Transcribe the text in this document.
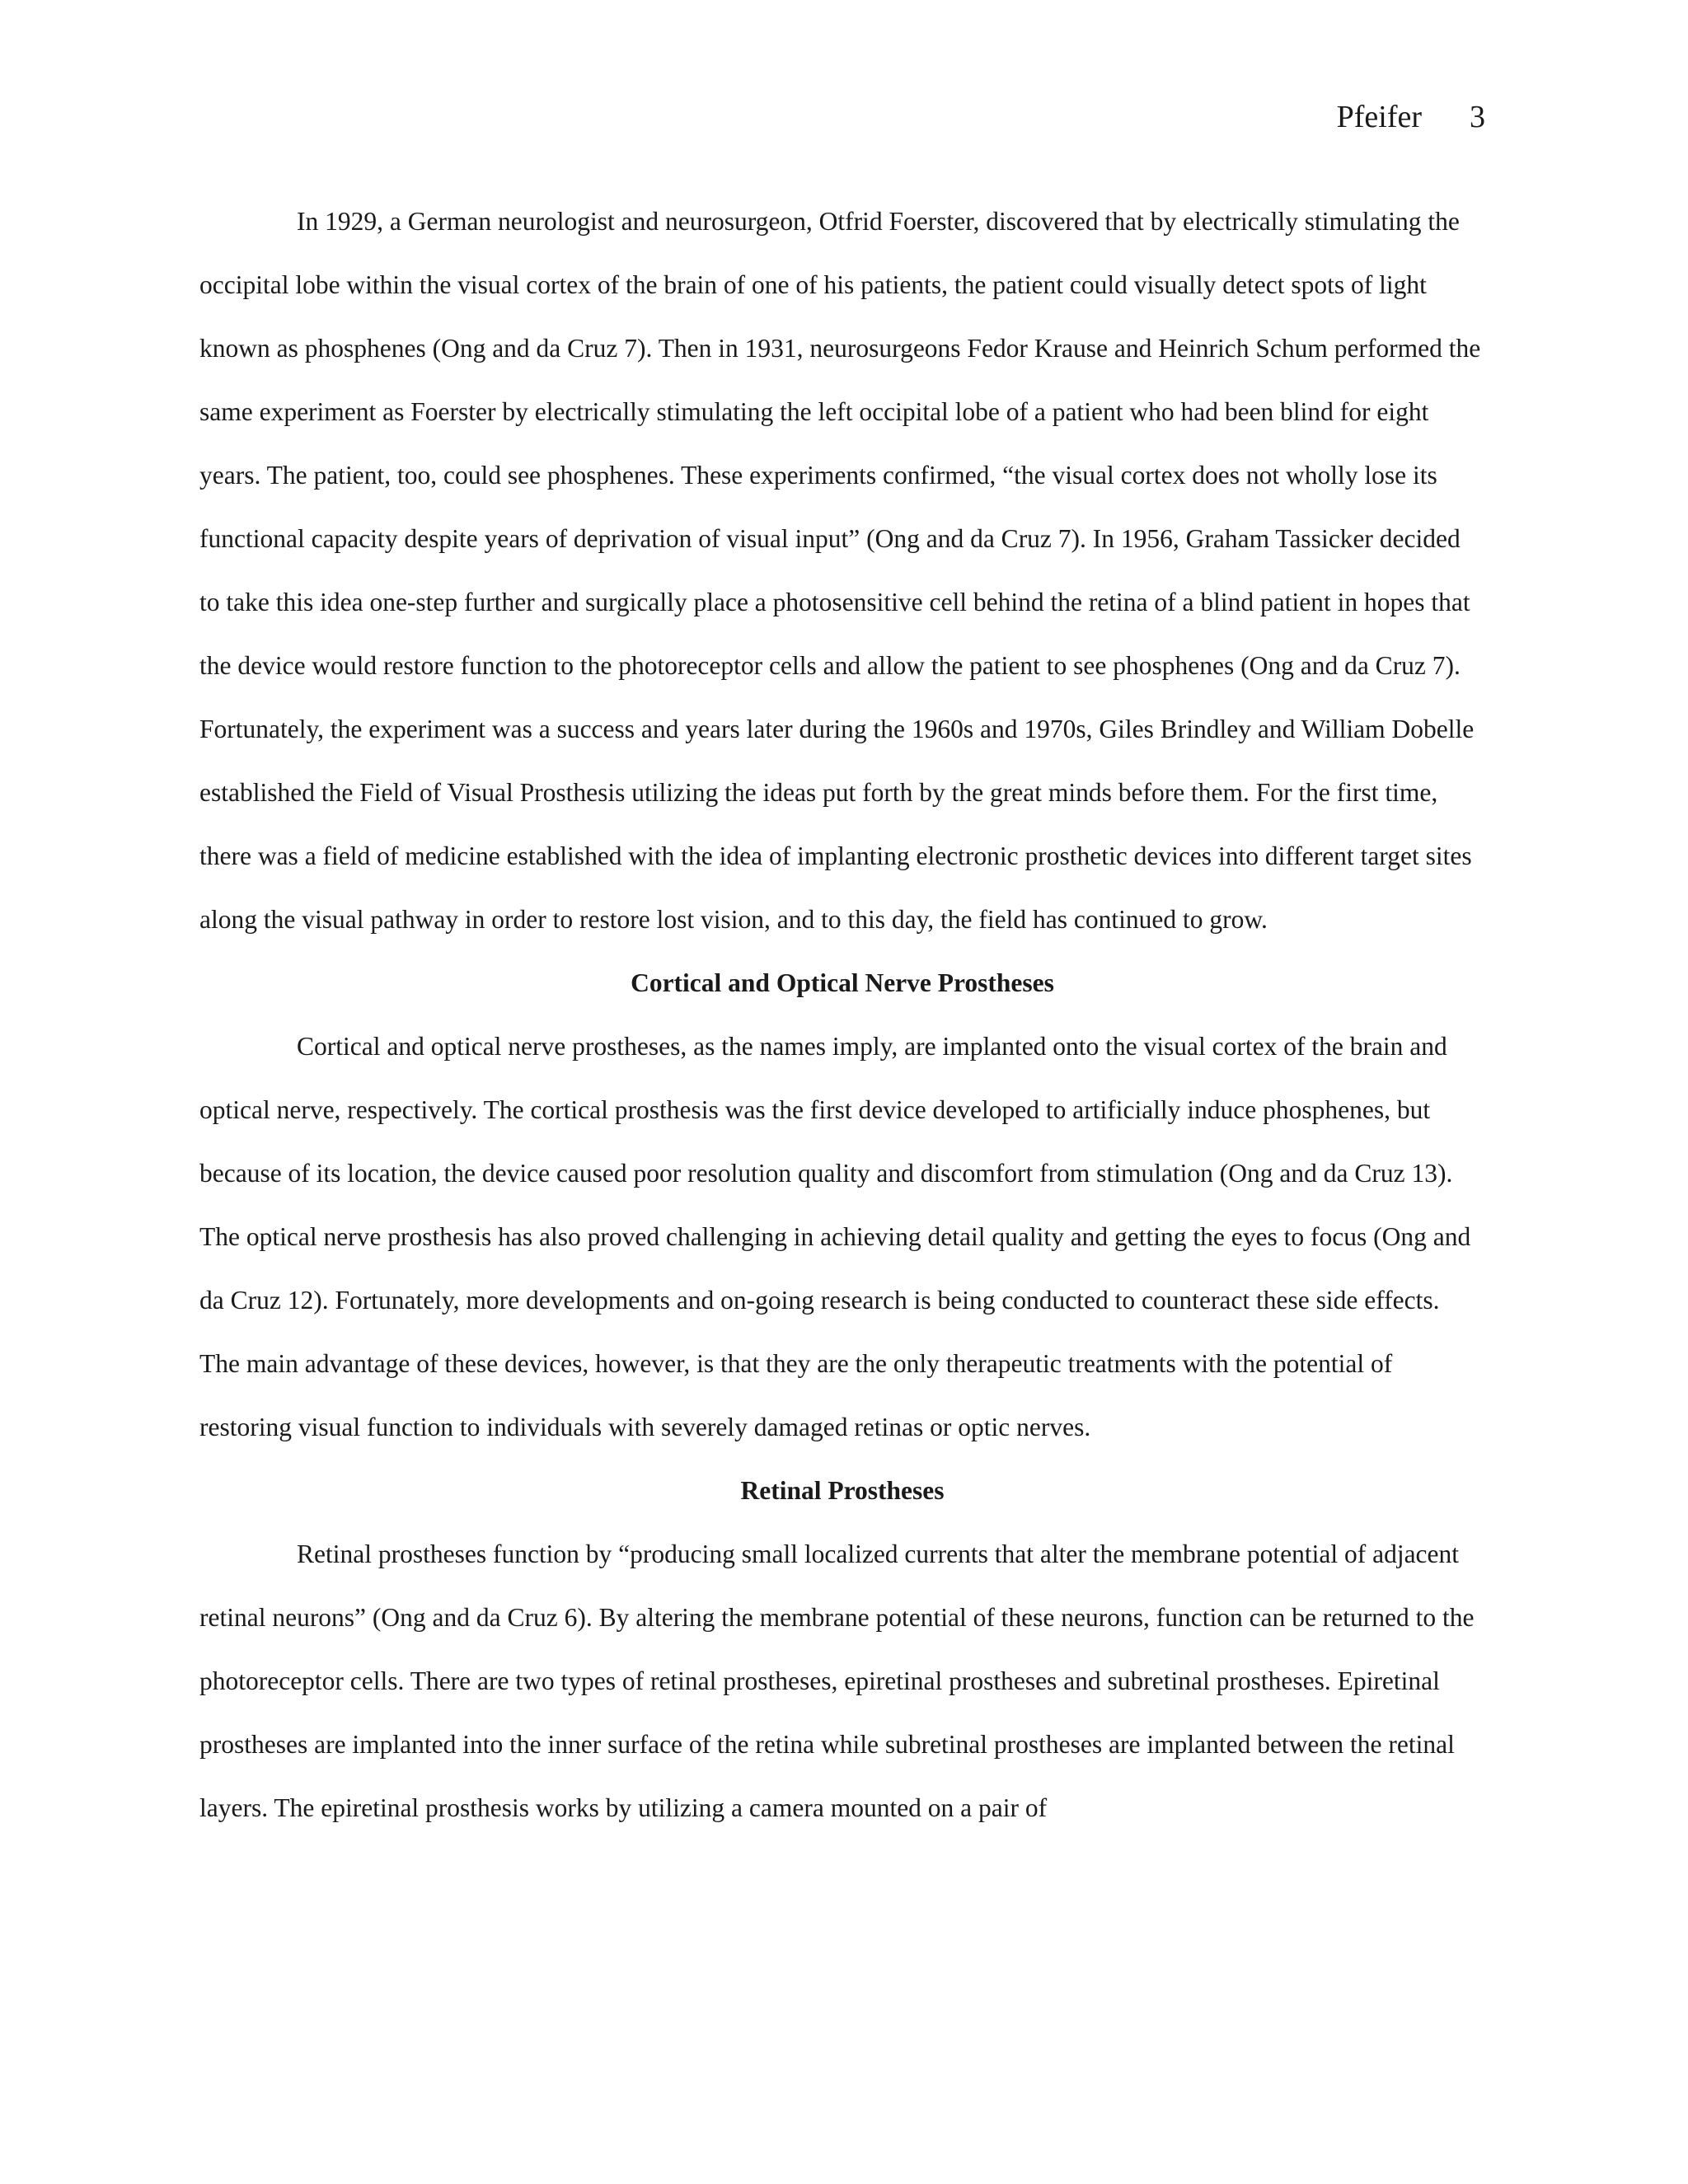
Pfeifer 3

In 1929, a German neurologist and neurosurgeon, Otfrid Foerster, discovered that by electrically stimulating the occipital lobe within the visual cortex of the brain of one of his patients, the patient could visually detect spots of light known as phosphenes (Ong and da Cruz 7). Then in 1931, neurosurgeons Fedor Krause and Heinrich Schum performed the same experiment as Foerster by electrically stimulating the left occipital lobe of a patient who had been blind for eight years. The patient, too, could see phosphenes. These experiments confirmed, “the visual cortex does not wholly lose its functional capacity despite years of deprivation of visual input” (Ong and da Cruz 7). In 1956, Graham Tassicker decided to take this idea one-step further and surgically place a photosensitive cell behind the retina of a blind patient in hopes that the device would restore function to the photoreceptor cells and allow the patient to see phosphenes (Ong and da Cruz 7). Fortunately, the experiment was a success and years later during the 1960s and 1970s, Giles Brindley and William Dobelle established the Field of Visual Prosthesis utilizing the ideas put forth by the great minds before them. For the first time, there was a field of medicine established with the idea of implanting electronic prosthetic devices into different target sites along the visual pathway in order to restore lost vision, and to this day, the field has continued to grow.

Cortical and Optical Nerve Prostheses

Cortical and optical nerve prostheses, as the names imply, are implanted onto the visual cortex of the brain and optical nerve, respectively. The cortical prosthesis was the first device developed to artificially induce phosphenes, but because of its location, the device caused poor resolution quality and discomfort from stimulation (Ong and da Cruz 13). The optical nerve prosthesis has also proved challenging in achieving detail quality and getting the eyes to focus (Ong and da Cruz 12). Fortunately, more developments and on-going research is being conducted to counteract these side effects. The main advantage of these devices, however, is that they are the only therapeutic treatments with the potential of restoring visual function to individuals with severely damaged retinas or optic nerves.

Retinal Prostheses

Retinal prostheses function by “producing small localized currents that alter the membrane potential of adjacent retinal neurons” (Ong and da Cruz 6). By altering the membrane potential of these neurons, function can be returned to the photoreceptor cells. There are two types of retinal prostheses, epiretinal prostheses and subretinal prostheses. Epiretinal prostheses are implanted into the inner surface of the retina while subretinal prostheses are implanted between the retinal layers. The epiretinal prosthesis works by utilizing a camera mounted on a pair of
